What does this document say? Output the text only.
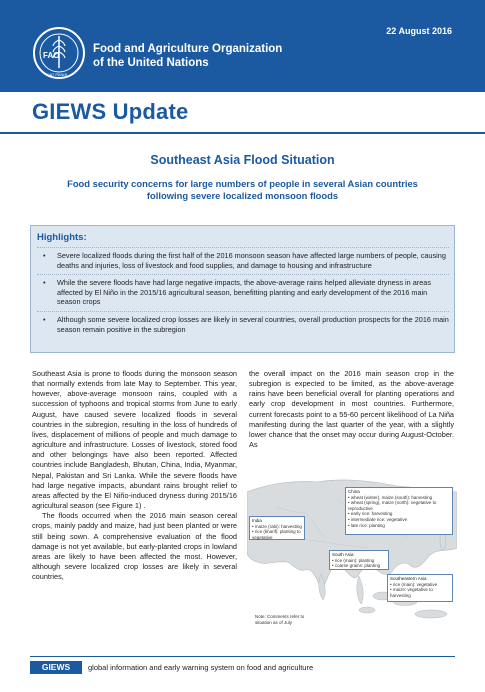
FAO
FIAT PANIS
Food and Agriculture Organization
of the United Nations
22 August 2016
GIEWS Update
Southeast Asia Flood Situation
Food security concerns for large numbers of people in several Asian countries
following severe localized monsoon floods
Highlights:
• Severe localized floods during the first half of the 2016 monsoon season have affected large numbers of people, causing deaths and injuries, loss of livestock and food supplies, and damage to housing and infrastructure
• While the severe floods have had large negative impacts, the above-average rains helped alleviate dryness in areas affected by El Niño in the 2015/16 agricultural season, benefitting planting and early development of the 2016 main season crops
• Although some severe localized crop losses are likely in several countries, overall production prospects for the 2016 main season remain positive in the subregion

Southeast Asia is prone to floods during the monsoon season that normally extends from late May to September. This year, however, above-average monsoon rains, coupled with a succession of typhoons and tropical storms from June to early August, have caused severe localized floods in several countries in the subregion, resulting in the loss of hundreds of lives, displacement of millions of people and much damage to agriculture and infrastructure. Losses of livestock, stored food and other belongings have also been reported. Affected countries include Bangladesh, Bhutan, China, India, Myanmar, Nepal, Pakistan and Sri Lanka. While the severe floods have had large negative impacts, abundant rains brought relief to areas affected by the El Niño-induced dryness during 2015/16 agricultural season (see Figure 1) .

The floods occurred when the 2016 main season cereal crops, mainly paddy and maize, had just been planted or were still being sown. A comprehensive evaluation of the flood damage is not yet available, but early-planted crops in lowland areas are likely to have been affected the most. However, although severe localized crop losses are likely in several countries,

the overall impact on the 2016 main season crop in the subregion is expected to be limited, as the above-average rains have been beneficial overall for planting operations and early crop development in most countries. Furthermore, current forecasts point to a 55-60 percent likelihood of La Niña manifesting during the last quarter of the year, with a slightly lower chance that the onset may occur during August-October. As

China
• wheat (winter), maize (south): harvesting
• wheat (spring), maize (north): vegetative to
reproductive
• early rice: harvesting
• intermediate rice: vegetative
• late rice: planting
India
• maize (rabi): harvesting
• rice (kharif): planting to
vegetative
South Asia
• rice (main): planting
• coarse grains: planting
Southeastern Asia
• rice (main): vegetative
• maize: vegetative to
harvesting
Note: Comments refer to
situation as of July
GIEWS	global information and early warning system on food and agriculture
